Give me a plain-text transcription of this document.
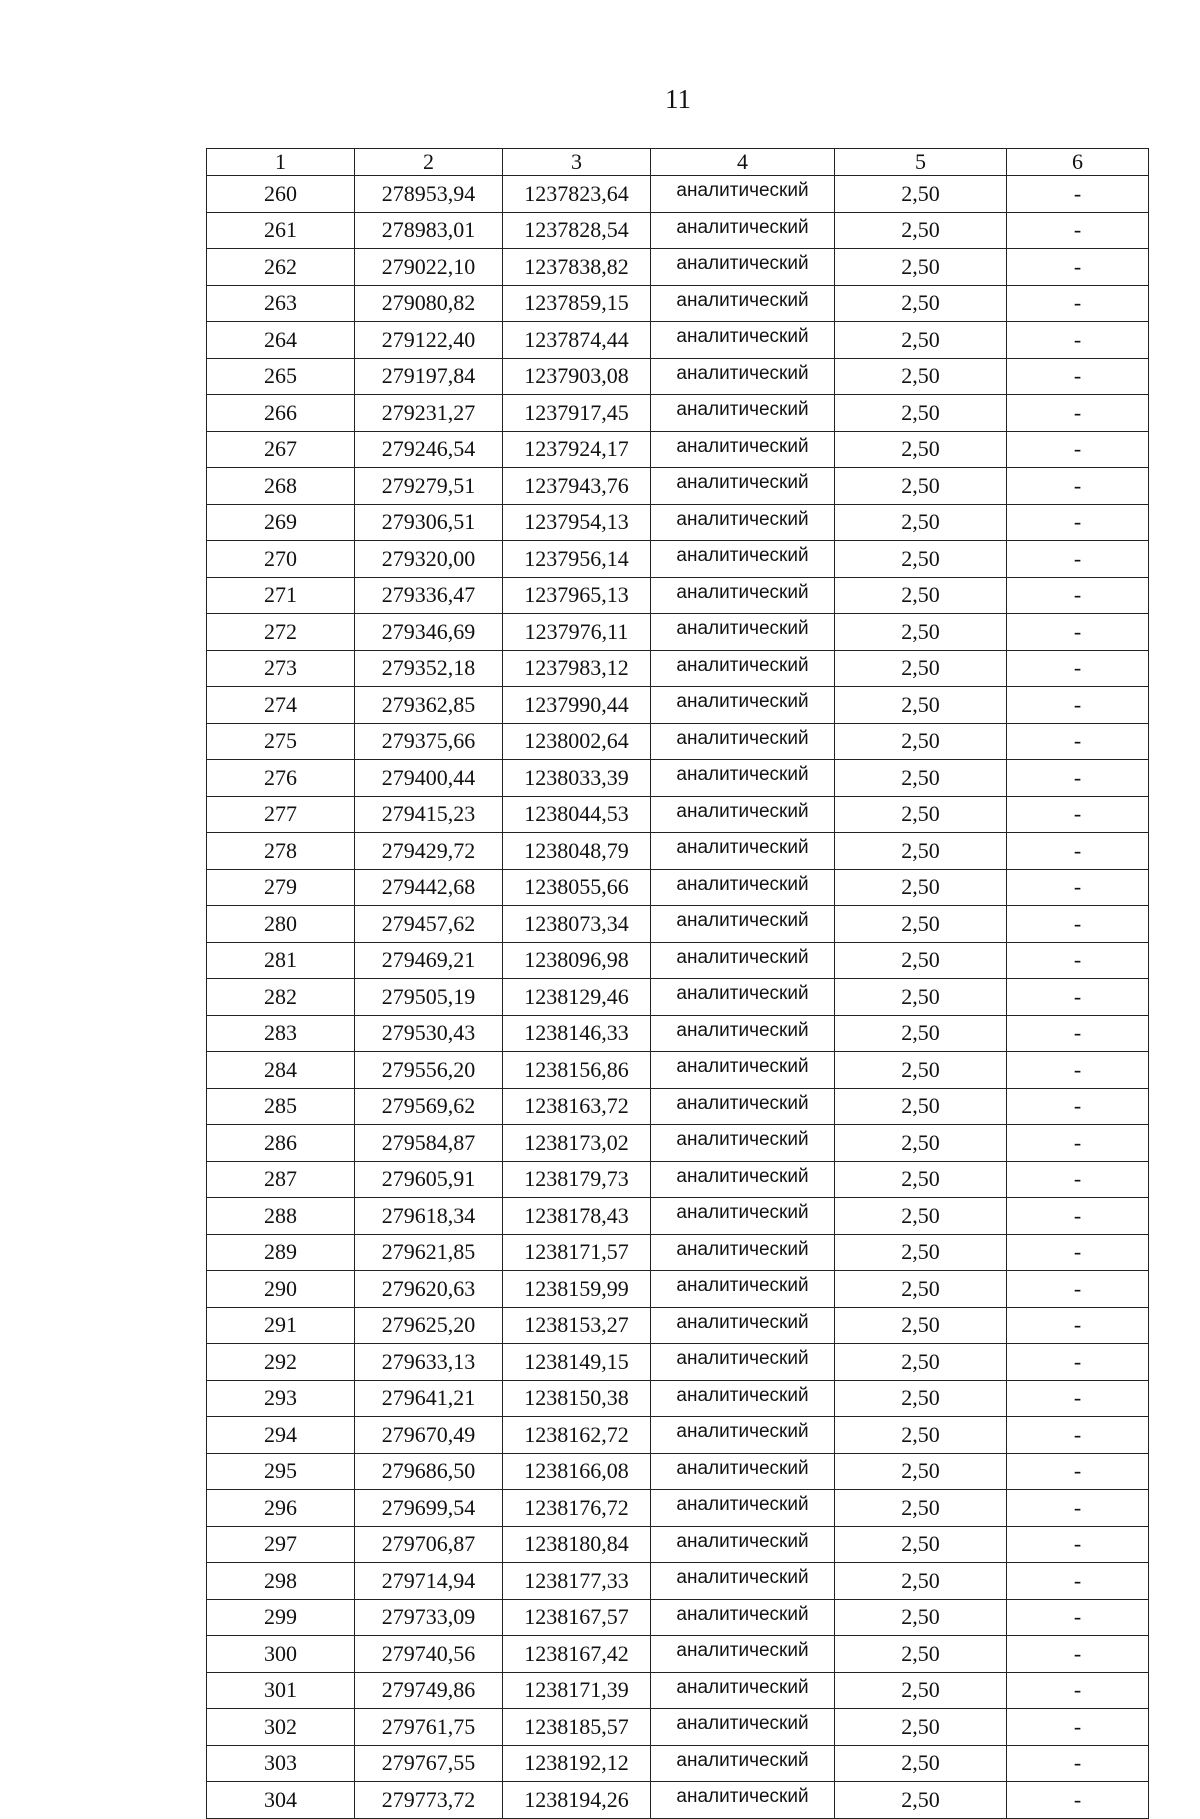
11
1	2	3	4	5	6
260	278953,94	1237823,64	аналитический	2,50	-
261	278983,01	1237828,54	аналитический	2,50	-
262	279022,10	1237838,82	аналитический	2,50	-
263	279080,82	1237859,15	аналитический	2,50	-
264	279122,40	1237874,44	аналитический	2,50	-
265	279197,84	1237903,08	аналитический	2,50	-
266	279231,27	1237917,45	аналитический	2,50	-
267	279246,54	1237924,17	аналитический	2,50	-
268	279279,51	1237943,76	аналитический	2,50	-
269	279306,51	1237954,13	аналитический	2,50	-
270	279320,00	1237956,14	аналитический	2,50	-
271	279336,47	1237965,13	аналитический	2,50	-
272	279346,69	1237976,11	аналитический	2,50	-
273	279352,18	1237983,12	аналитический	2,50	-
274	279362,85	1237990,44	аналитический	2,50	-
275	279375,66	1238002,64	аналитический	2,50	-
276	279400,44	1238033,39	аналитический	2,50	-
277	279415,23	1238044,53	аналитический	2,50	-
278	279429,72	1238048,79	аналитический	2,50	-
279	279442,68	1238055,66	аналитический	2,50	-
280	279457,62	1238073,34	аналитический	2,50	-
281	279469,21	1238096,98	аналитический	2,50	-
282	279505,19	1238129,46	аналитический	2,50	-
283	279530,43	1238146,33	аналитический	2,50	-
284	279556,20	1238156,86	аналитический	2,50	-
285	279569,62	1238163,72	аналитический	2,50	-
286	279584,87	1238173,02	аналитический	2,50	-
287	279605,91	1238179,73	аналитический	2,50	-
288	279618,34	1238178,43	аналитический	2,50	-
289	279621,85	1238171,57	аналитический	2,50	-
290	279620,63	1238159,99	аналитический	2,50	-
291	279625,20	1238153,27	аналитический	2,50	-
292	279633,13	1238149,15	аналитический	2,50	-
293	279641,21	1238150,38	аналитический	2,50	-
294	279670,49	1238162,72	аналитический	2,50	-
295	279686,50	1238166,08	аналитический	2,50	-
296	279699,54	1238176,72	аналитический	2,50	-
297	279706,87	1238180,84	аналитический	2,50	-
298	279714,94	1238177,33	аналитический	2,50	-
299	279733,09	1238167,57	аналитический	2,50	-
300	279740,56	1238167,42	аналитический	2,50	-
301	279749,86	1238171,39	аналитический	2,50	-
302	279761,75	1238185,57	аналитический	2,50	-
303	279767,55	1238192,12	аналитический	2,50	-
304	279773,72	1238194,26	аналитический	2,50	-
